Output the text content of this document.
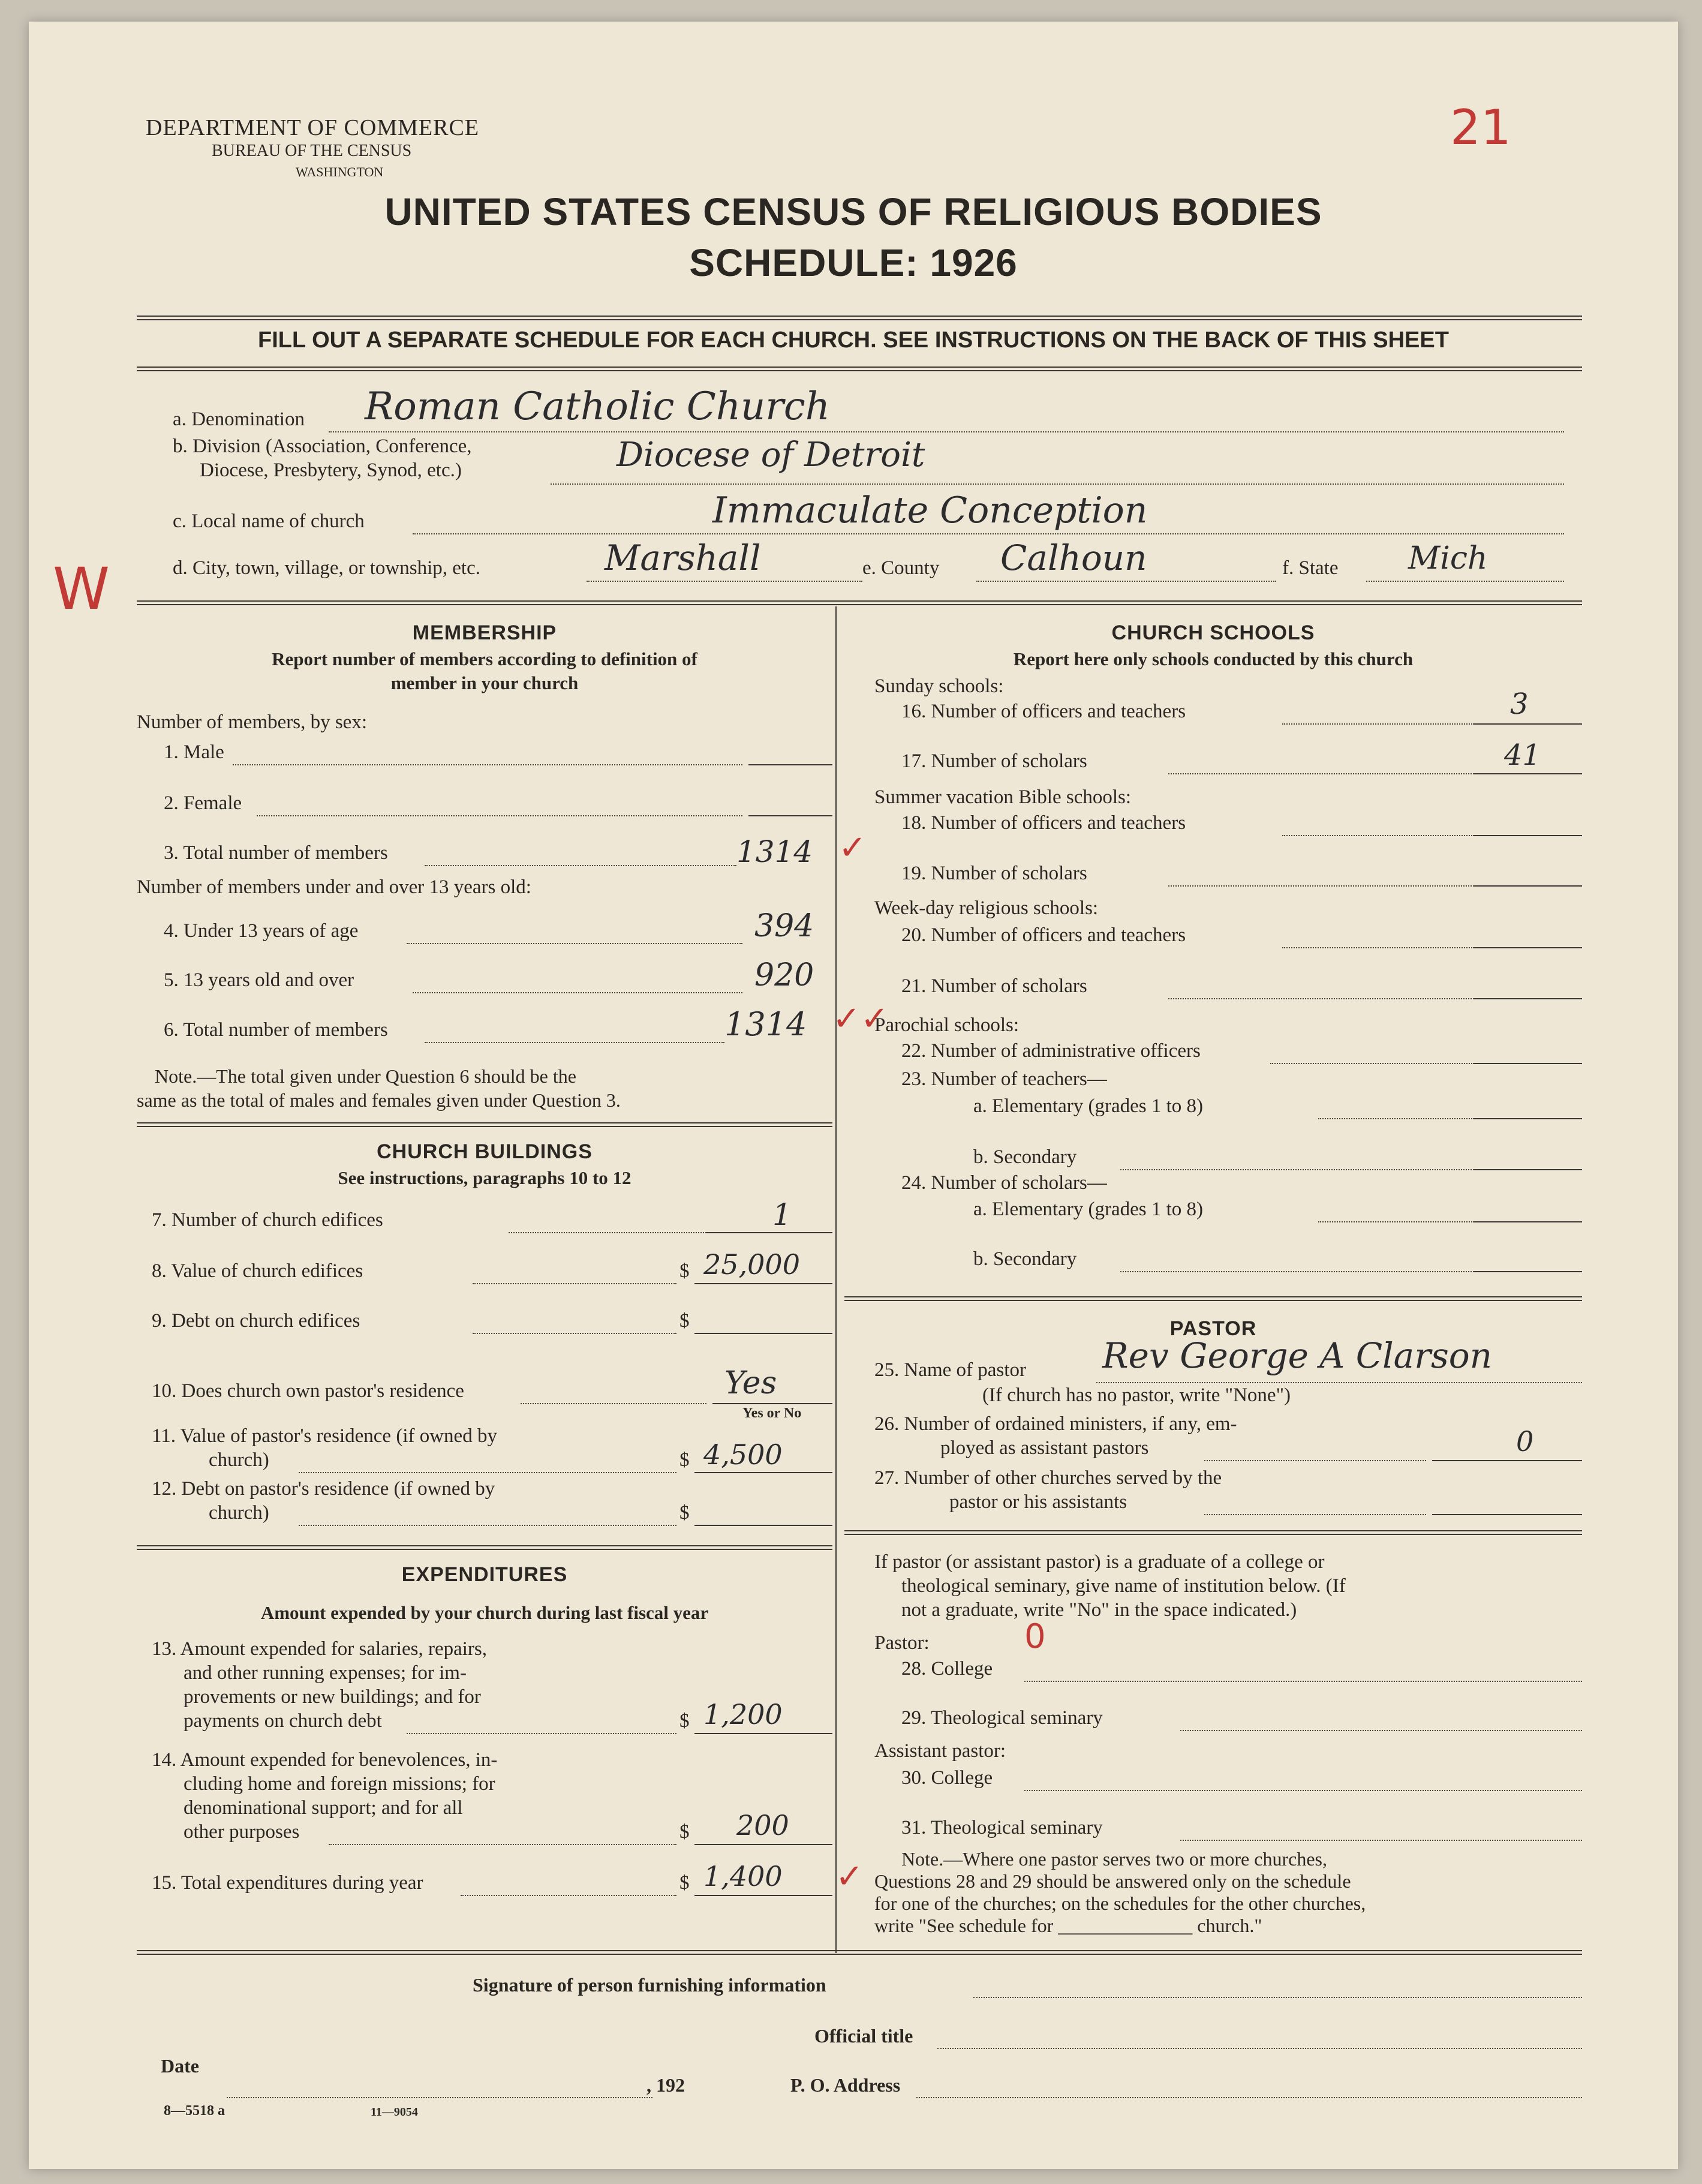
21
DEPARTMENT OF COMMERCE
BUREAU OF THE CENSUS
WASHINGTON
UNITED STATES CENSUS OF RELIGIOUS BODIES
SCHEDULE: 1926
FILL OUT A SEPARATE SCHEDULE FOR EACH CHURCH. SEE INSTRUCTIONS ON THE BACK OF THIS SHEET
a. Denomination Roman Catholic Church
b. Division (Association, Conference,
Diocese, Presbytery, Synod, etc.)	Diocese of Detroit
c. Local name of church	Immaculate Conception
W	d. City, town, village, or township, etc.	Marshall	e. County Calhoun	f. State Mich
MEMBERSHIP
Report number of members according to definition of
member in your church
Number of members, by sex:
1. Male
2. Female
3. Total number of members	1314 ✓
Number of members under and over 13 years old:
4. Under 13 years of age	394
5. 13 years old and over	920
6. Total number of members	1314 ✓✓
Note.—The total given under Question 6 should be the
same as the total of males and females given under Question 3.
CHURCH BUILDINGS
See instructions, paragraphs 10 to 12
7. Number of church edifices	1
8. Value of church edifices	$ 25,000
9. Debt on church edifices	$
10. Does church own pastor's residence	Yes
Yes or No
11. Value of pastor's residence (if owned by
church)	$ 4,500
12. Debt on pastor's residence (if owned by
church)	$
EXPENDITURES
Amount expended by your church during last fiscal year
13. Amount expended for salaries, repairs,
and other running expenses; for im-
provements or new buildings; and for
payments on church debt	$ 1,200
14. Amount expended for benevolences, in-
cluding home and foreign missions; for
denominational support; and for all
other purposes	$ 200
15. Total expenditures during year	$ 1,400 ✓
CHURCH SCHOOLS
Report here only schools conducted by this church
Sunday schools:
16. Number of officers and teachers	3
17. Number of scholars	41
Summer vacation Bible schools:
18. Number of officers and teachers
19. Number of scholars
Week-day religious schools:
20. Number of officers and teachers
21. Number of scholars
Parochial schools:
22. Number of administrative officers
23. Number of teachers—
a. Elementary (grades 1 to 8)
b. Secondary
24. Number of scholars—
a. Elementary (grades 1 to 8)
b. Secondary
PASTOR
25. Name of pastor Rev George A Clarson
(If church has no pastor, write "None")
26. Number of ordained ministers, if any, em-
ployed as assistant pastors	0
27. Number of other churches served by the
pastor or his assistants
If pastor (or assistant pastor) is a graduate of a college or
theological seminary, give name of institution below. (If
not a graduate, write "No" in the space indicated.)
Pastor:	0
28. College
29. Theological seminary
Assistant pastor:
30. College
31. Theological seminary
Note.—Where one pastor serves two or more churches,
Questions 28 and 29 should be answered only on the schedule
for one of the churches; on the schedules for the other churches,
write "See schedule for ______________ church."
Signature of person furnishing information
Official title
Date
, 192	P. O. Address
8—5518 a	11—9054
